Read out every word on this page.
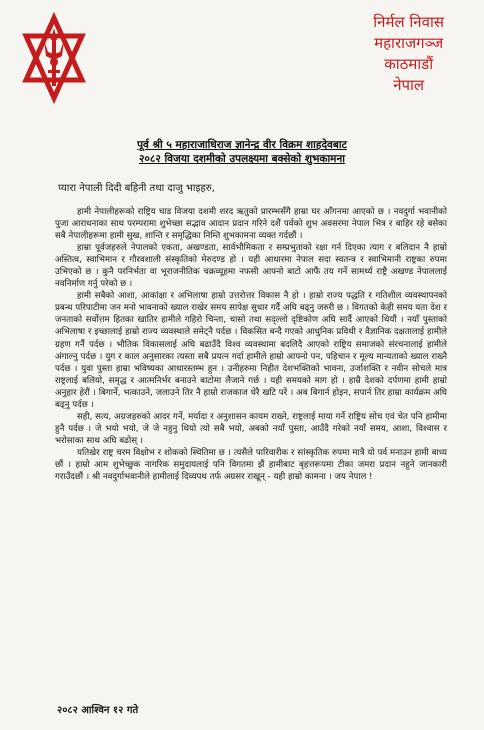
निर्मल निवास
महाराजगञ्ज
काठमाडौं
नेपाल
पूर्व श्री ५ महाराजाधिराज ज्ञानेन्द्र वीर विक्रम शाहदेवबाट
२०८२ विजया दशमीको उपलक्ष्यमा बक्सेको शुभकामना
प्यारा नेपाली दिदी बहिनी तथा दाजु भाइहरु,

हामी नेपालीहरूको राष्ट्रिय चाड विजया दशमी शरद ऋतुको प्रारम्भसँगै हाम्रा घर आँगनमा आएको छ । नवदुर्गा भवानीको पुजा आराधनाका साथ परम्परामा शुभेच्छा सद्भाव आदान प्रदान गरिने दशैं पर्वको शुभ अवसरमा नेपाल भित्र र बाहिर रहे बसेका सबै नेपालीहरूमा हामी सुख, शान्ति र समृद्धिका निम्ति शुभकामना व्यक्त गर्दछौं ।

हाम्रा पूर्वजहरुले नेपालको एकता, अखण्डता, सार्वभौमिकता र सम्प्रभुताको रक्षा गर्न दिएका त्याग र बलिदान नै हाम्रो अस्तित्व, स्वाभिमान र गौरवशाली संस्कृतिको मेरुदण्ड हो । यही आधारमा नेपाल सदा स्वतन्त्र र स्वाभिमानी राष्ट्रका रुपमा उभिएको छ । कुनै परनिर्भता वा भूराजनीतिक चक्रव्यूहमा नफसी आफ्नो बाटो आफैं तय गर्ने सामर्थ्य राष्ट्रै अखण्ड नेपाललाई नवनिर्माण गर्नु परेको छ ।

हामी सबैको आशा, आकांक्षा र अभिलाषा हाम्रो उत्तरोत्तर विकास नै हो । हाम्रो राज्य पद्धति र गतिशील व्यवस्थापनको प्रबन्ध परिपाटीमा जन मनो भावनाको ख्याल राखेर समय सापेक्ष सुधार गर्दै अघि बढ्नु जरुरी छ । विगतको केही समय यता देश र जनताको सर्वोत्तम हितका खातिर हामीले गहिरो चिन्ता, चासो तथा सद्ल्लो दृष्टिकोण अघि सार्दै आएको थियौं । नयाँ पुस्ताको अभिलाषा र इच्छालाई हाम्रो राज्य व्यवस्थाले समेट्नै पर्दछ । विकसित बन्दै गएको आधुनिक प्रविधी र वैज्ञानिक दक्षतालाई हामीले ग्रहण गर्नै पर्दछ । भौतिक विकासलाई अघि बढाउँदै विश्व व्यवस्थामा बदलिदै आएको राष्ट्रिय समाजको संरचनालाई हामीले अंगाल्नु पर्दछ । युग र काल अनुसारका त्यस्ता सबै प्रयत्न गर्दा हामीले हाम्रो आफ्नो पन, पहिचान र मूल्य मान्यताको ख्याल राख्नै पर्दछ । युवा पुस्ता हाम्रा भविष्यका आधारस्तम्भ हुन । उनीहरुमा निहीत देशभक्तिको भावना, उर्जाशक्ति र नवीन सोचले मात्र राष्ट्रलाई बलियो, समृद्ध र आत्मनिर्भर बनाउने बाटोमा लैजाने गर्छ । यही समयको माग हो । हाम्रै देशको दर्पणमा हामी हाम्रो अनुहार हेरौं । बिगार्ने, भत्काउने, जलाउने तिर नै हाम्रो राजकाज धेरै खटि परें । अब बिगार्न होइन, सपार्न तिर हाम्रा कार्यक्रम अघि बढ्नु पर्दछ ।

सही, सत्य, अग्रजहरुको आदर गर्ने, मर्यादा र अनुशासन कायम राख्ने, राष्ट्रलाई माया गर्ने राष्ट्रिय सोच एवं चेत पनि हामीमा हुनै पर्दछ । जे भयो भयो, जे जे नहुनु थियो त्यो सबै भयो, अबको नयाँ पुस्ता, आउँदै गरेको नयाँ समय, आशा, विश्वास र भरोसाका साथ अघि बढोस् ।

यतिखेर राष्ट्र चरम विक्षोभ र शोकको स्थितिमा छ । त्यसैले पारिवारीक र सांस्कृतिक रुपमा मात्रै यो पर्व मनाउन हामी बाध्य छौं । हाम्रो आम शुभेच्छुक नागरिक समुदायलाई पनि विगतमा झैं हामीबाट बृहत्तरूपमा टीका जमरा प्रदान नहुने जानकारी गराउँदछौं । श्री नवदुर्गाभवानीले हामीलाई दिव्यपथ तर्फ अग्रसर राखून् - यही हाम्रो कामना । जय नेपाल !

२०८२ आश्विन १२ गते
